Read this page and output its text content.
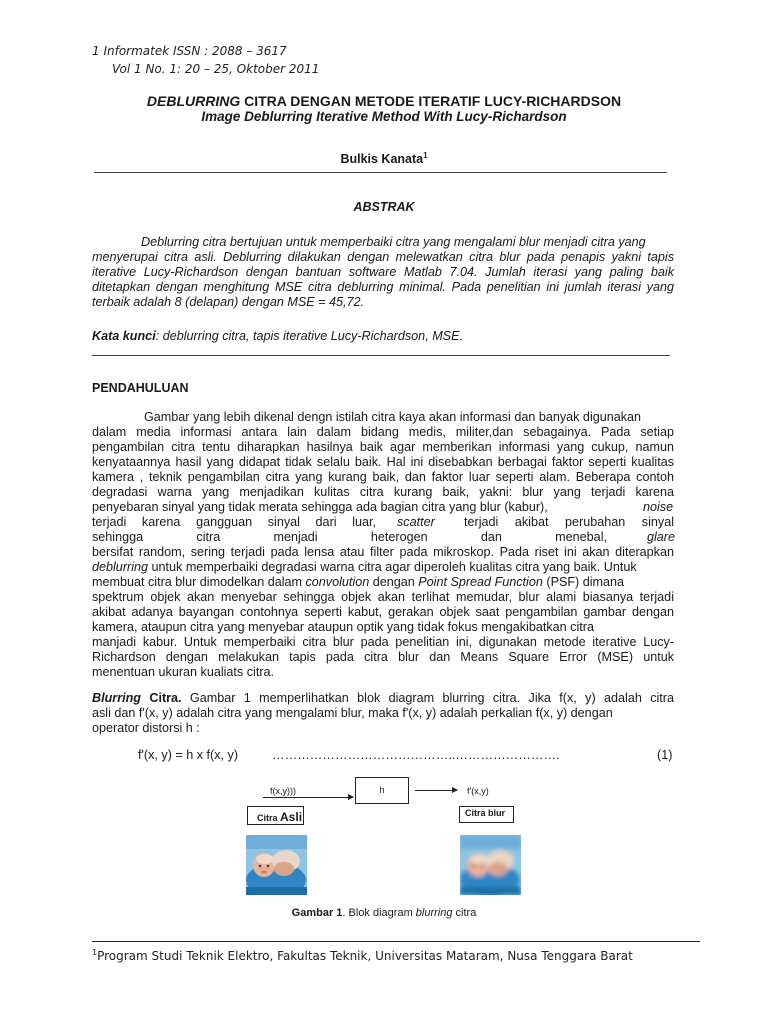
1 Informatek ISSN : 2088 – 3617
Vol 1 No. 1: 20 – 25, Oktober 2011
DEBLURRING CITRA DENGAN METODE ITERATIF LUCY-RICHARDSON
Image Deblurring Iterative Method With Lucy-Richardson
Bulkis Kanata$^1$
ABSTRAK
Deblurring citra bertujuan untuk memperbaiki citra yang mengalami blur menjadi citra yang
menyerupai citra asli. Deblurring dilakukan dengan melewatkan citra blur pada penapis yakni tapis
iterative Lucy-Richardson dengan bantuan software Matlab 7.04. Jumlah iterasi yang paling baik
ditetapkan dengan menghitung MSE citra deblurring minimal. Pada penelitian ini jumlah iterasi yang
terbaik adalah 8 (delapan) dengan MSE = 45,72.
Kata kunci: deblurring citra, tapis iterative Lucy-Richardson, MSE.
PENDAHULUAN
Gambar yang lebih dikenal dengn istilah citra kaya akan informasi dan banyak digunakan
dalam media informasi antara lain dalam bidang medis, militer,dan sebagainya. Pada setiap
pengambilan citra tentu diharapkan hasilnya baik agar memberikan informasi yang cukup, namun
kenyataannya hasil yang didapat tidak selalu baik. Hal ini disebabkan berbagai faktor seperti kualitas
kamera , teknik pengambilan citra yang kurang baik, dan faktor luar seperti alam. Beberapa contoh
degradasi warna yang menjadikan kulitas citra kurang baik, yakni: blur yang terjadi karena
penyebaran sinyal yang tidak merata sehingga ada bagian citra yang blur (kabur),	noise
terjadi karena gangguan sinyal dari luar, scatter terjadi akibat perubahan sinyal
sehingga citra menjadi heterogen dan menebal,	glare
bersifat random, sering terjadi pada lensa atau filter pada mikroskop. Pada riset ini akan diterapkan
deblurring untuk memperbaiki degradasi warna citra agar diperoleh kualitas citra yang baik. Untuk
membuat citra blur dimodelkan dalam convolution dengan Point Spread Function (PSF) dimana
spektrum objek akan menyebar sehingga objek akan terlihat memudar, blur alami biasanya terjadi
akibat adanya bayangan contohnya seperti kabut, gerakan objek saat pengambilan gambar dengan
kamera, ataupun citra yang menyebar ataupun optik yang tidak fokus mengakibatkan citra
manjadi kabur. Untuk memperbaiki citra blur pada penelitian ini, digunakan metode iterative Lucy-
Richardson dengan melakukan tapis pada citra blur dan Means Square Error (MSE) untuk
menentuan ukuran kualiats citra.
Blurring Citra. Gambar 1 memperlihatkan blok diagram blurring citra. Jika f(x, y) adalah citra
asli dan f'(x, y) adalah citra yang mengalami blur, maka f'(x, y) adalah perkalian f(x, y) dengan
operator distorsi h :
f'(x, y) = h x f(x, y)	……………………………………..…………………….	(1)
f(x,y)))	h	f'(x,y)
Citra Asli	Citra blur
Gambar 1. Blok diagram blurring citra
$^1$Program Studi Teknik Elektro, Fakultas Teknik, Universitas Mataram, Nusa Tenggara Barat
